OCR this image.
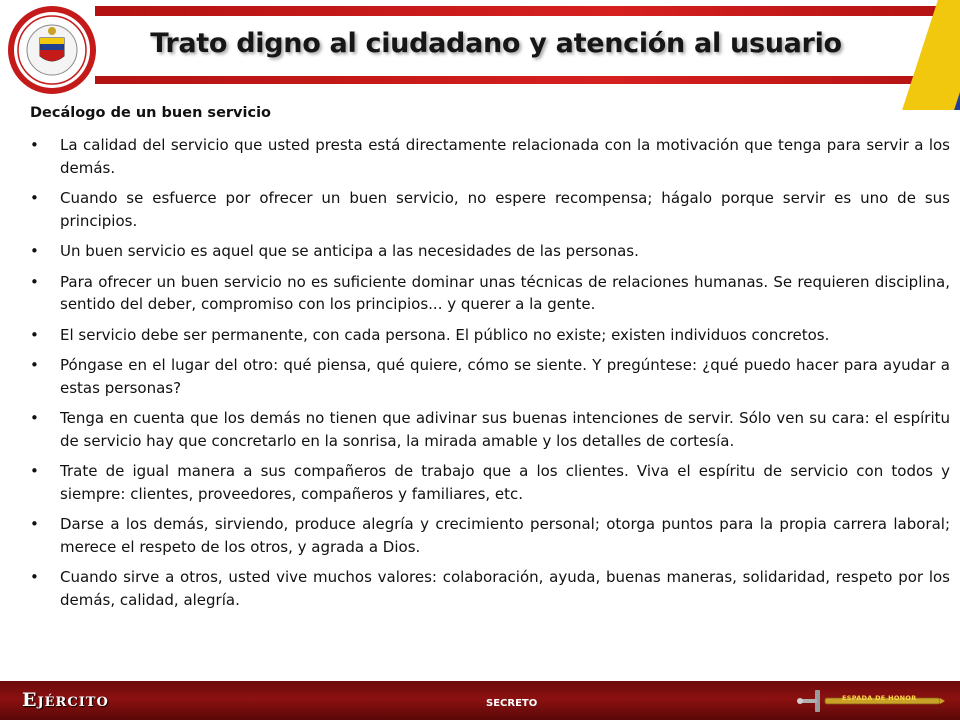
Trato digno al ciudadano y atención al usuario
Decálogo de un buen servicio
• La calidad del servicio que usted presta está directamente relacionada con la motivación que tenga para servir a los demás.
• Cuando se esfuerce por ofrecer un buen servicio, no espere recompensa; hágalo porque servir es uno de sus principios.
• Un buen servicio es aquel que se anticipa a las necesidades de las personas.
• Para ofrecer un buen servicio no es suficiente dominar unas técnicas de relaciones humanas. Se requieren disciplina, sentido del deber, compromiso con los principios... y querer a la gente.
• El servicio debe ser permanente, con cada persona. El público no existe; existen individuos concretos.
• Póngase en el lugar del otro: qué piensa, qué quiere, cómo se siente. Y pregúntese: ¿qué puedo hacer para ayudar a estas personas?
• Tenga en cuenta que los demás no tienen que adivinar sus buenas intenciones de servir. Sólo ven su cara: el espíritu de servicio hay que concretarlo en la sonrisa, la mirada amable y los detalles de cortesía.
• Trate de igual manera a sus compañeros de trabajo que a los clientes. Viva el espíritu de servicio con todos y siempre: clientes, proveedores, compañeros y familiares, etc.
• Darse a los demás, sirviendo, produce alegría y crecimiento personal; otorga puntos para la propia carrera laboral; merece el respeto de los otros, y agrada a Dios.
• Cuando sirve a otros, usted vive muchos valores: colaboración, ayuda, buenas maneras, solidaridad, respeto por los demás, calidad, alegría.
Ejército	SECRETO	ESPADA DE HONOR
